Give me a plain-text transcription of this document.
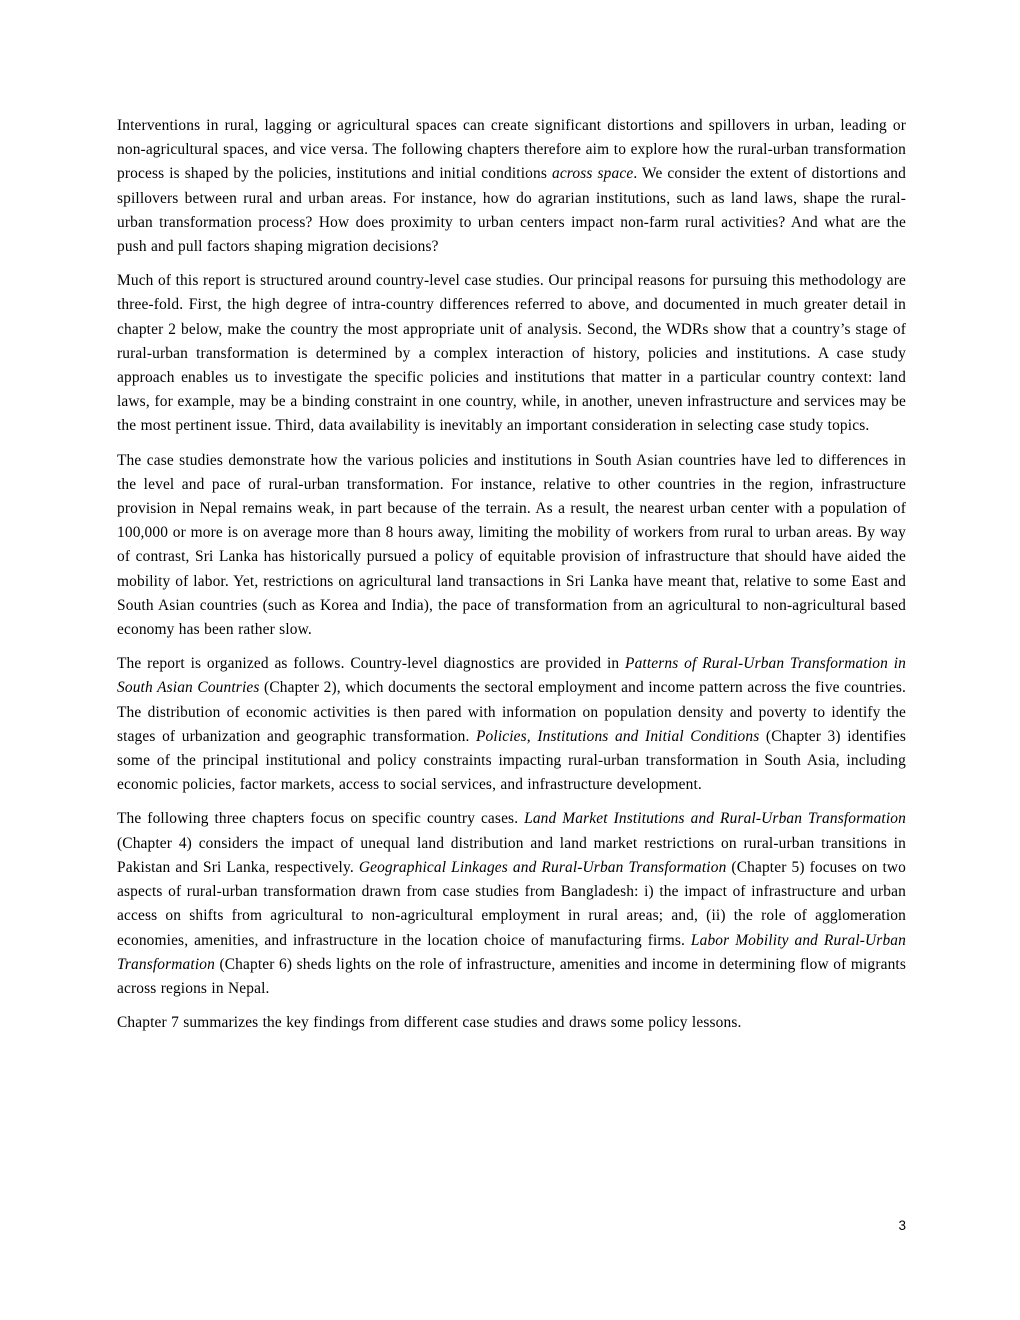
Interventions in rural, lagging or agricultural spaces can create significant distortions and spillovers in urban, leading or non-agricultural spaces, and vice versa. The following chapters therefore aim to explore how the rural-urban transformation process is shaped by the policies, institutions and initial conditions across space. We consider the extent of distortions and spillovers between rural and urban areas. For instance, how do agrarian institutions, such as land laws, shape the rural-urban transformation process? How does proximity to urban centers impact non-farm rural activities? And what are the push and pull factors shaping migration decisions?

Much of this report is structured around country-level case studies. Our principal reasons for pursuing this methodology are three-fold. First, the high degree of intra-country differences referred to above, and documented in much greater detail in chapter 2 below, make the country the most appropriate unit of analysis. Second, the WDRs show that a country’s stage of rural-urban transformation is determined by a complex interaction of history, policies and institutions. A case study approach enables us to investigate the specific policies and institutions that matter in a particular country context: land laws, for example, may be a binding constraint in one country, while, in another, uneven infrastructure and services may be the most pertinent issue. Third, data availability is inevitably an important consideration in selecting case study topics.

The case studies demonstrate how the various policies and institutions in South Asian countries have led to differences in the level and pace of rural-urban transformation. For instance, relative to other countries in the region, infrastructure provision in Nepal remains weak, in part because of the terrain. As a result, the nearest urban center with a population of 100,000 or more is on average more than 8 hours away, limiting the mobility of workers from rural to urban areas. By way of contrast, Sri Lanka has historically pursued a policy of equitable provision of infrastructure that should have aided the mobility of labor. Yet, restrictions on agricultural land transactions in Sri Lanka have meant that, relative to some East and South Asian countries (such as Korea and India), the pace of transformation from an agricultural to non-agricultural based economy has been rather slow.

The report is organized as follows. Country-level diagnostics are provided in Patterns of Rural-Urban Transformation in South Asian Countries (Chapter 2), which documents the sectoral employment and income pattern across the five countries. The distribution of economic activities is then pared with information on population density and poverty to identify the stages of urbanization and geographic transformation. Policies, Institutions and Initial Conditions (Chapter 3) identifies some of the principal institutional and policy constraints impacting rural-urban transformation in South Asia, including economic policies, factor markets, access to social services, and infrastructure development.

The following three chapters focus on specific country cases. Land Market Institutions and Rural-Urban Transformation (Chapter 4) considers the impact of unequal land distribution and land market restrictions on rural-urban transitions in Pakistan and Sri Lanka, respectively. Geographical Linkages and Rural-Urban Transformation (Chapter 5) focuses on two aspects of rural-urban transformation drawn from case studies from Bangladesh: i) the impact of infrastructure and urban access on shifts from agricultural to non-agricultural employment in rural areas; and, (ii) the role of agglomeration economies, amenities, and infrastructure in the location choice of manufacturing firms. Labor Mobility and Rural-Urban Transformation (Chapter 6) sheds lights on the role of infrastructure, amenities and income in determining flow of migrants across regions in Nepal.

Chapter 7 summarizes the key findings from different case studies and draws some policy lessons.

3
